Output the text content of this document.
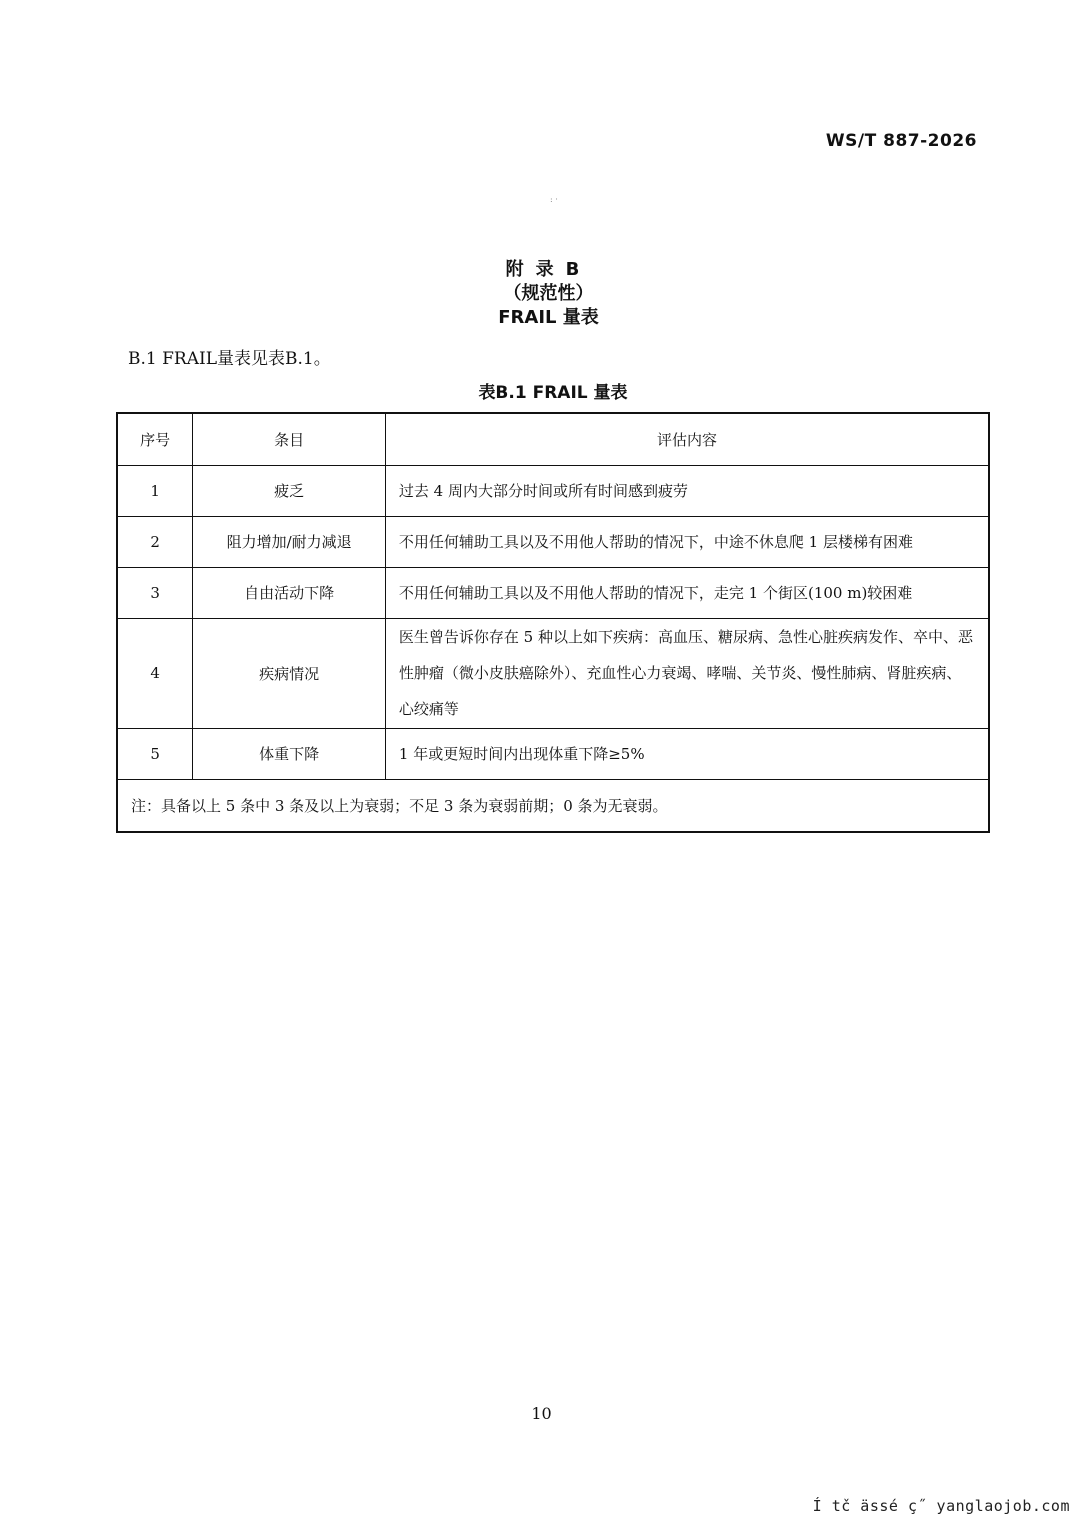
WS/T 887-2026
: ·
附录B
（规范性）
FRAIL 量表
B.1 FRAIL量表见表B.1。
表B.1 FRAIL 量表
序号	条目	评估内容
1	疲乏	过去 4 周内大部分时间或所有时间感到疲劳
2	阻力增加/耐力减退	不用任何辅助工具以及不用他人帮助的情况下，中途不休息爬 1 层楼梯有困难
3	自由活动下降	不用任何辅助工具以及不用他人帮助的情况下，走完 1 个街区(100 m)较困难
4	疾病情况	医生曾告诉你存在 5 种以上如下疾病：高血压、糖尿病、急性心脏疾病发作、卒中、恶性肿瘤（微小皮肤癌除外）、充血性心力衰竭、哮喘、关节炎、慢性肺病、肾脏疾病、心绞痛等
5	体重下降	1 年或更短时间内出现体重下降≥5%
注：具备以上 5 条中 3 条及以上为衰弱；不足 3 条为衰弱前期；0 条为无衰弱。		
10
Í tč ässé ç˝ yanglaojob.com
